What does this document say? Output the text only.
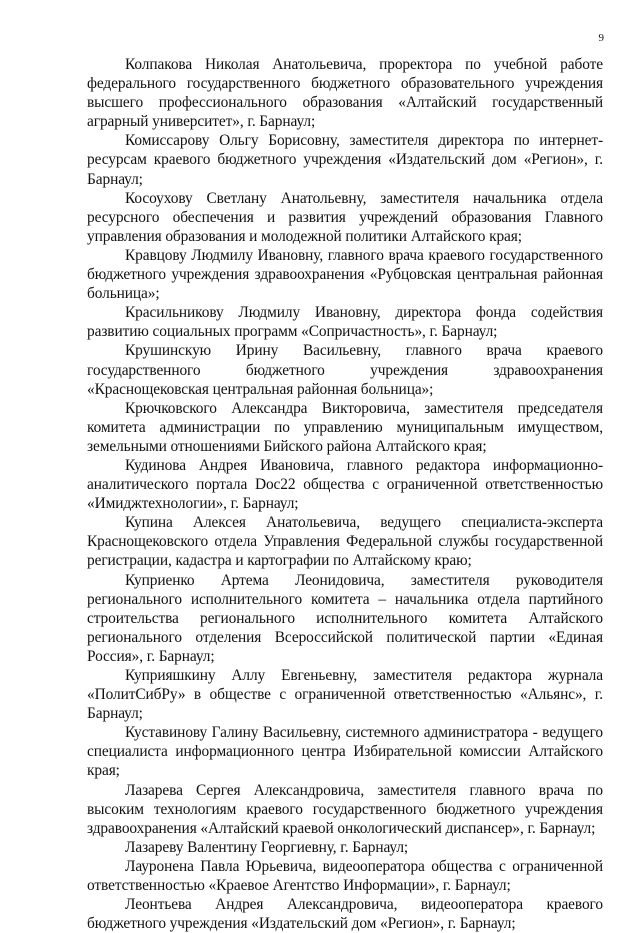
9

Колпакова Николая Анатольевича, проректора по учебной работе федерального государственного бюджетного образовательного учреждения высшего профессионального образования «Алтайский государственный аграрный университет», г. Барнаул;

Комиссарову Ольгу Борисовну, заместителя директора по интернет-ресурсам краевого бюджетного учреждения «Издательский дом «Регион», г. Барнаул;

Косоухову Светлану Анатольевну, заместителя начальника отдела ресурсного обеспечения и развития учреждений образования Главного управления образования и молодежной политики Алтайского края;

Кравцову Людмилу Ивановну, главного врача краевого государственного бюджетного учреждения здравоохранения «Рубцовская центральная районная больница»;

Красильникову Людмилу Ивановну, директора фонда содействия развитию социальных программ «Сопричастность», г. Барнаул;

Крушинскую Ирину Васильевну, главного врача краевого государственного бюджетного учреждения здравоохранения «Краснощековская центральная районная больница»;

Крючковского Александра Викторовича, заместителя председателя комитета администрации по управлению муниципальным имуществом, земельными отношениями Бийского района Алтайского края;

Кудинова Андрея Ивановича, главного редактора информационно-аналитического портала Doc22 общества с ограниченной ответственностью «Имиджтехнологии», г. Барнаул;

Купина Алексея Анатольевича, ведущего специалиста-эксперта Краснощековского отдела Управления Федеральной службы государственной регистрации, кадастра и картографии по Алтайскому краю;

Куприенко Артема Леонидовича, заместителя руководителя регионального исполнительного комитета – начальника отдела партийного строительства регионального исполнительного комитета Алтайского регионального отделения Всероссийской политической партии «Единая Россия», г. Барнаул;

Куприяшкину Аллу Евгеньевну, заместителя редактора журнала «ПолитСибРу» в обществе с ограниченной ответственностью «Альянс», г. Барнаул;

Куставинову Галину Васильевну, системного администратора - ведущего специалиста информационного центра Избирательной комиссии Алтайского края;

Лазарева Сергея Александровича, заместителя главного врача по высоким технологиям краевого государственного бюджетного учреждения здравоохранения «Алтайский краевой онкологический диспансер», г. Барнаул;

Лазареву Валентину Георгиевну, г. Барнаул;

Лауронена Павла Юрьевича, видеооператора общества с ограниченной ответственностью «Краевое Агентство Информации», г. Барнаул;

Леонтьева Андрея Александровича, видеооператора краевого бюджетного учреждения «Издательский дом «Регион», г. Барнаул;
